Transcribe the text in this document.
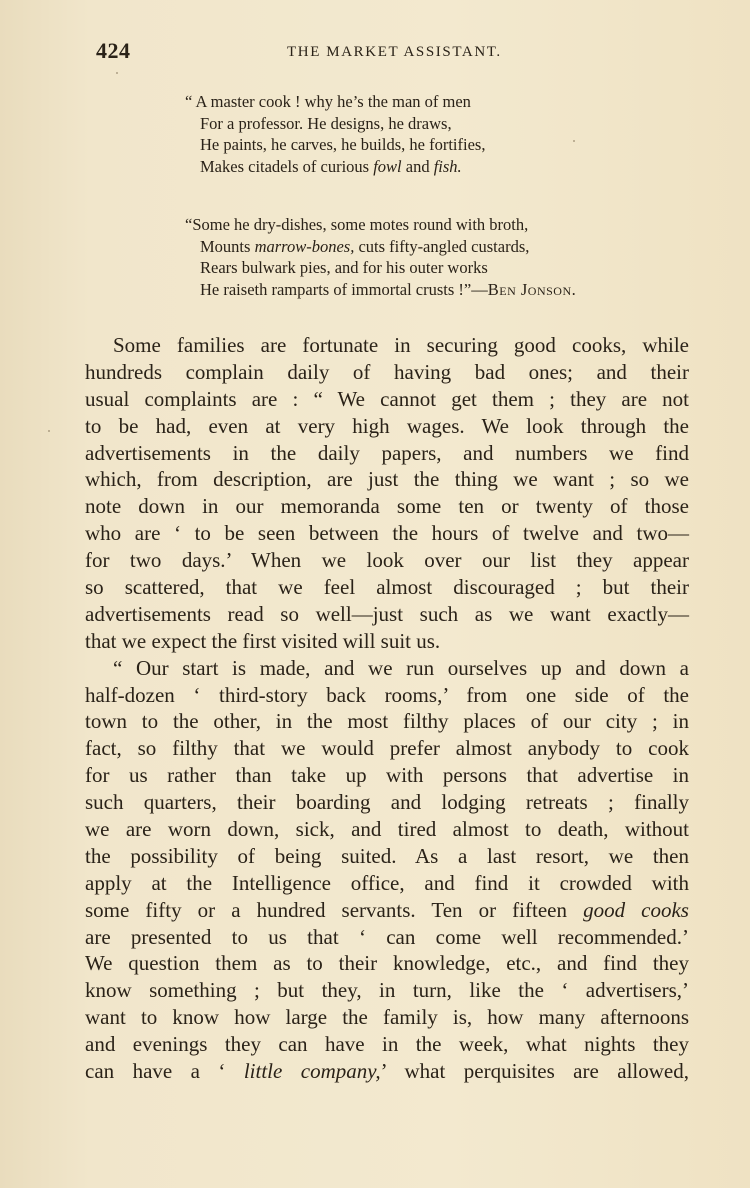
424	THE MARKET ASSISTANT.
“ A master cook ! why he’s the man of men
For a professor. He designs, he draws,
He paints, he carves, he builds, he fortifies,
Makes citadels of curious fowl and fish.
“Some he dry-dishes, some motes round with broth,
Mounts marrow-bones, cuts fifty-angled custards,
Rears bulwark pies, and for his outer works
He raiseth ramparts of immortal crusts !”—Ben Jonson.
Some families are fortunate in securing good cooks, while
hundreds complain daily of having bad ones; and their
usual complaints are : “ We cannot get them ; they are not
to be had, even at very high wages. We look through the
advertisements in the daily papers, and numbers we find
which, from description, are just the thing we want ; so we
note down in our memoranda some ten or twenty of those
who are ‘ to be seen between the hours of twelve and two—
for two days.’ When we look over our list they appear
so scattered, that we feel almost discouraged ; but their
advertisements read so well—just such as we want exactly—
that we expect the first visited will suit us.
“ Our start is made, and we run ourselves up and down a
half-dozen ‘ third-story back rooms,’ from one side of the
town to the other, in the most filthy places of our city ; in
fact, so filthy that we would prefer almost anybody to cook
for us rather than take up with persons that advertise in
such quarters, their boarding and lodging retreats ; finally
we are worn down, sick, and tired almost to death, without
the possibility of being suited. As a last resort, we then
apply at the Intelligence office, and find it crowded with
some fifty or a hundred servants. Ten or fifteen good cooks
are presented to us that ‘ can come well recommended.’
We question them as to their knowledge, etc., and find they
know something ; but they, in turn, like the ‘ advertisers,’
want to know how large the family is, how many afternoons
and evenings they can have in the week, what nights they
can have a ‘ little company,’ what perquisites are allowed,
